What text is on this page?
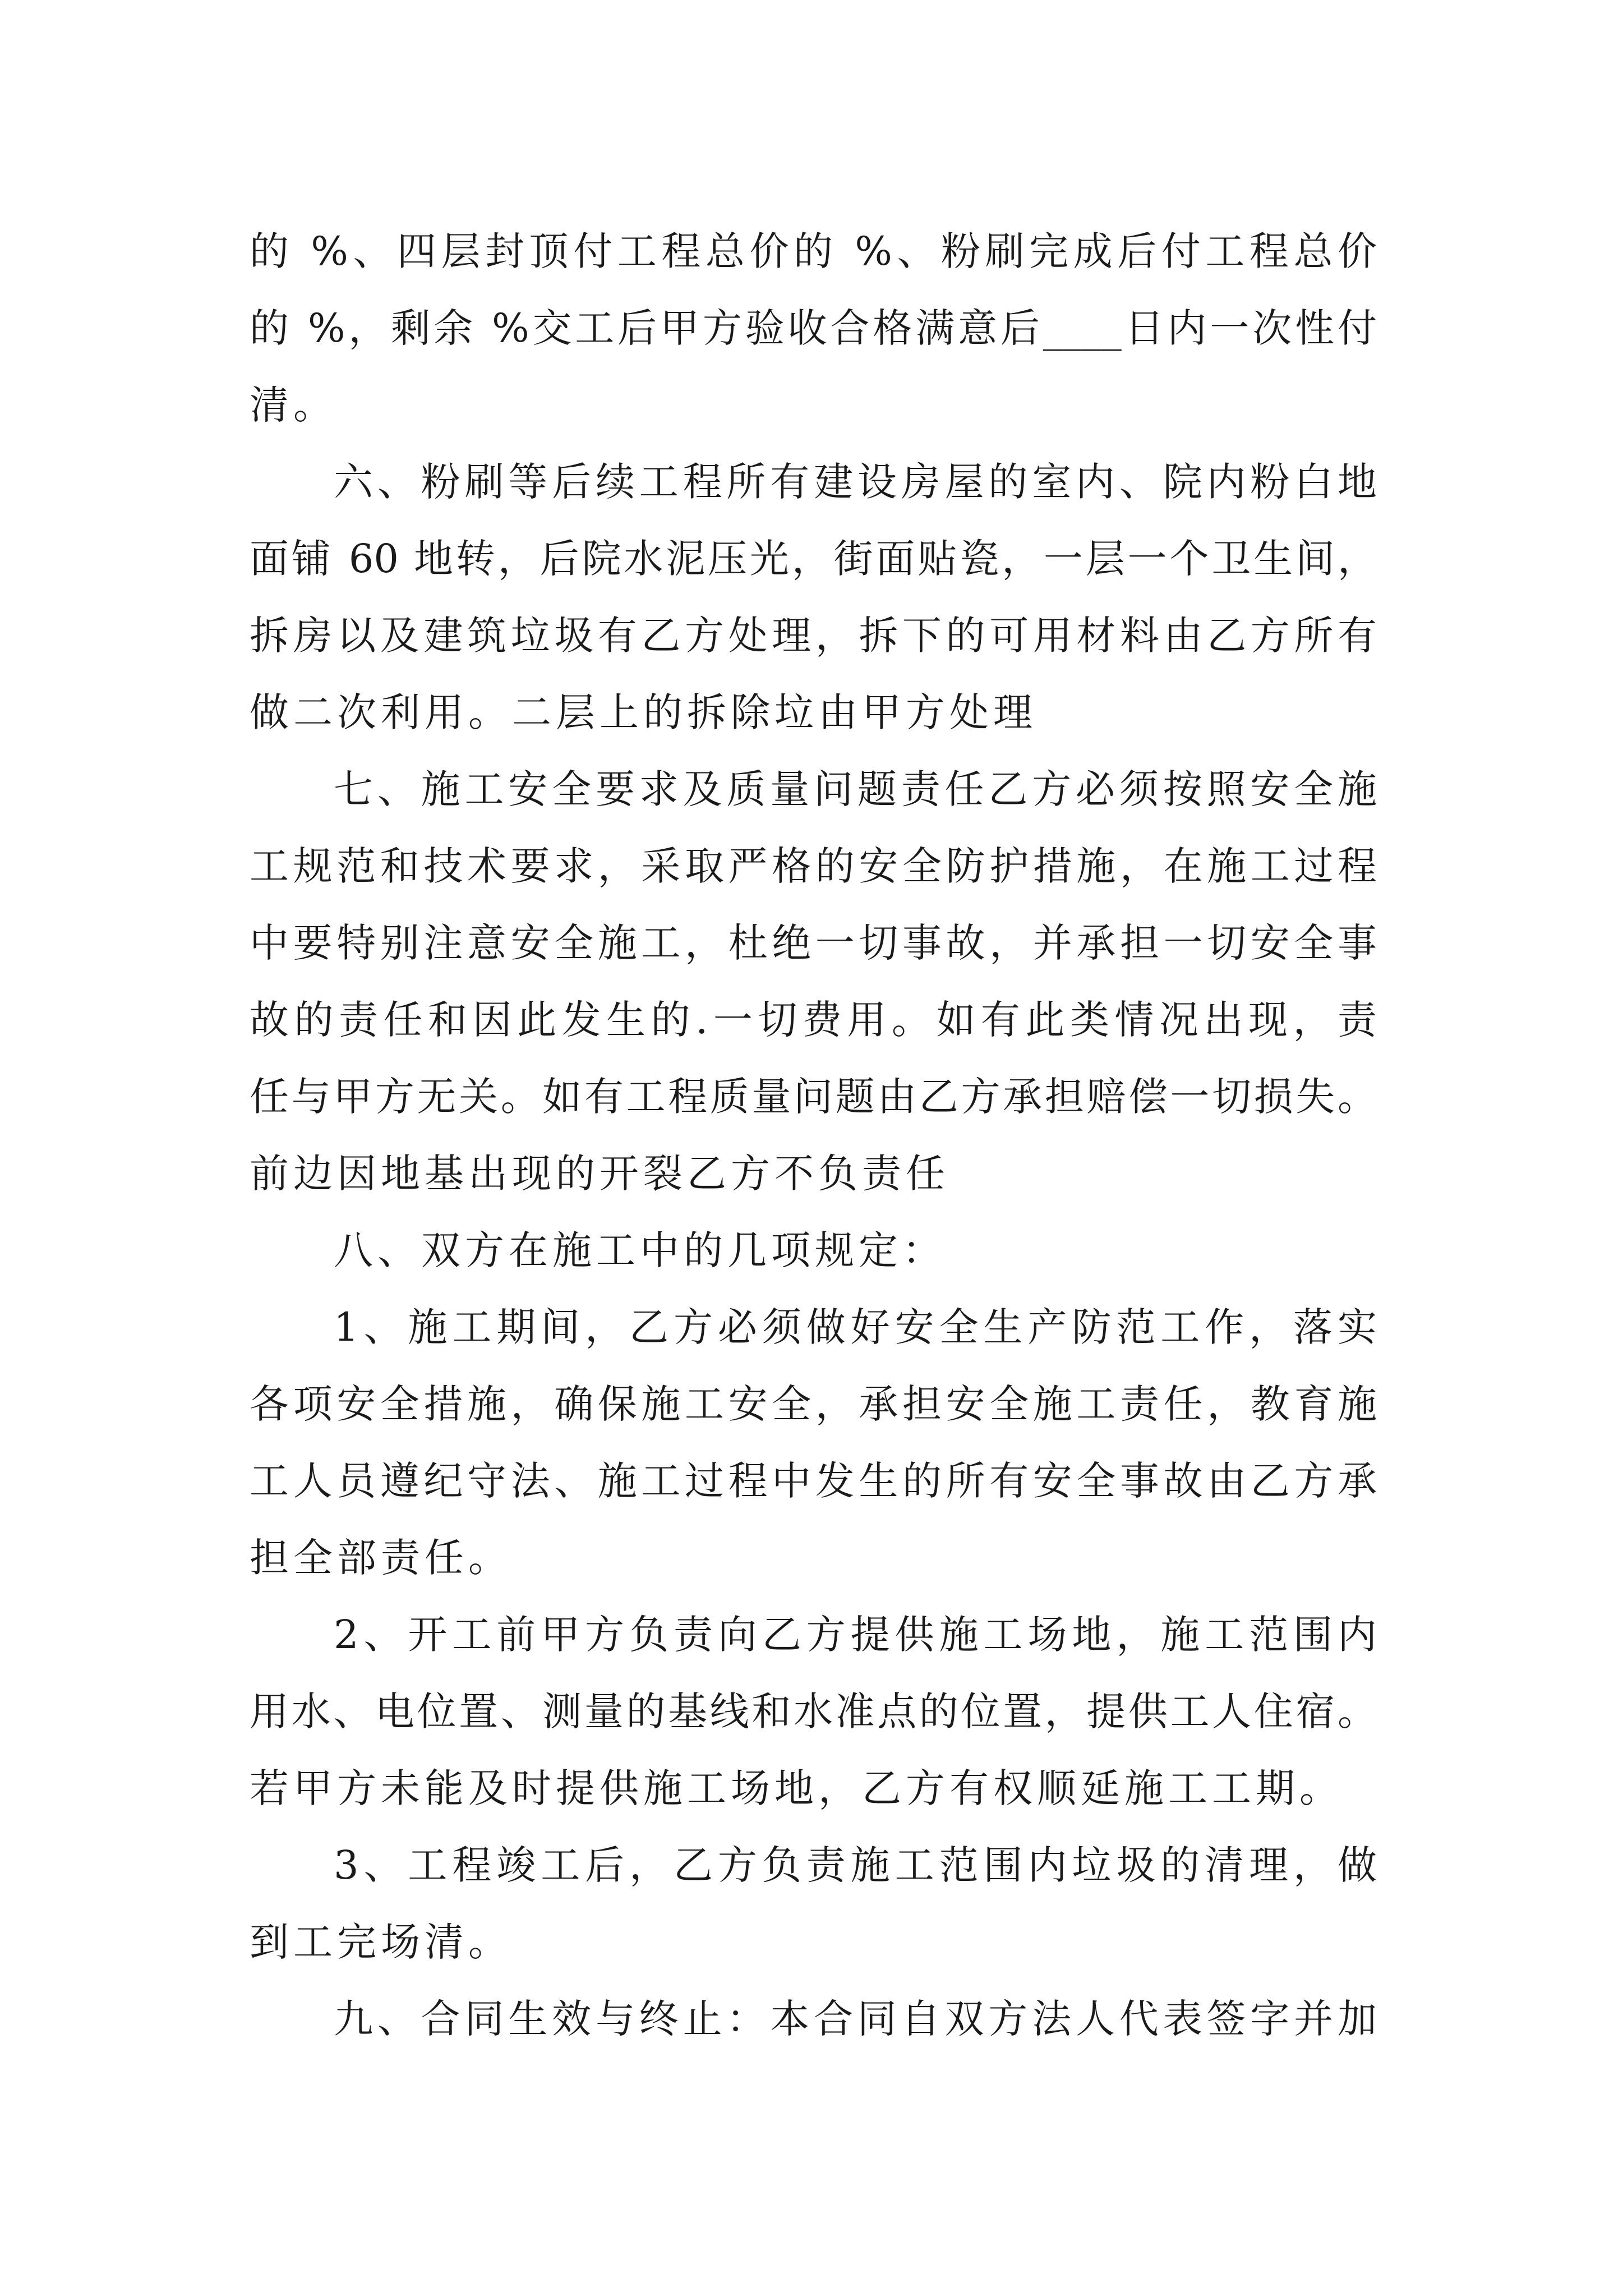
的 %、四层封顶付工程总价的 %、粉刷完成后付工程总价
的 %，剩余 %交工后甲方验收合格满意后____日内一次性付
清。
六、粉刷等后续工程所有建设房屋的室内、院内粉白地
面铺 60 地转，后院水泥压光，街面贴瓷，一层一个卫生间，
拆房以及建筑垃圾有乙方处理，拆下的可用材料由乙方所有
做二次利用。二层上的拆除垃由甲方处理
七、施工安全要求及质量问题责任乙方必须按照安全施
工规范和技术要求，采取严格的安全防护措施，在施工过程
中要特别注意安全施工，杜绝一切事故，并承担一切安全事
故的责任和因此发生的.一切费用。如有此类情况出现，责
任与甲方无关。如有工程质量问题由乙方承担赔偿一切损失。
前边因地基出现的开裂乙方不负责任
八、双方在施工中的几项规定：
1、施工期间，乙方必须做好安全生产防范工作，落实
各项安全措施，确保施工安全，承担安全施工责任，教育施
工人员遵纪守法、施工过程中发生的所有安全事故由乙方承
担全部责任。
2、开工前甲方负责向乙方提供施工场地，施工范围内
用水、电位置、测量的基线和水准点的位置，提供工人住宿。
若甲方未能及时提供施工场地，乙方有权顺延施工工期。
3、工程竣工后，乙方负责施工范围内垃圾的清理，做
到工完场清。
九、合同生效与终止：本合同自双方法人代表签字并加
